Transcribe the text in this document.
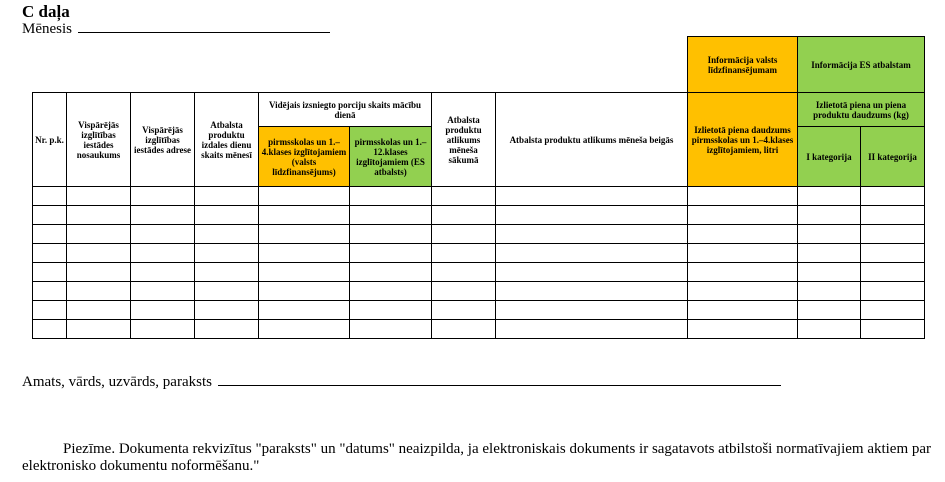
C daļa
Mēnesis
								Informācija valsts līdzfinansējumam	Informācija ES atbalstam	
Nr. p.k.	Vispārējās izglītības iestādes nosaukums	Vispārējās izglītības iestādes adrese	Atbalsta produktu izdales dienu skaits mēnesī	Vidējais izsniegto porciju skaits mācību dienā		Atbalsta produktu atlikums mēneša sākumā	Atbalsta produktu atlikums mēneša beigās	Izlietotā piena daudzums pirmsskolas un 1.–4.klases izglītojamiem, litri	Izlietotā piena un piena produktu daudzums (kg)	
				pirmsskolas un 1.–4.klases izglītojamiem (valsts līdzfinansējums)	pirmsskolas un 1.–12.klases izglītojamiem (ES atbalsts)				I kategorija	II kategorija

Amats, vārds, uzvārds, paraksts
Piezīme. Dokumenta rekvizītus "paraksts" un "datums" neaizpilda, ja elektroniskais dokuments ir sagatavots atbilstoši normatīvajiem aktiem par elektronisko dokumentu noformēšanu."
